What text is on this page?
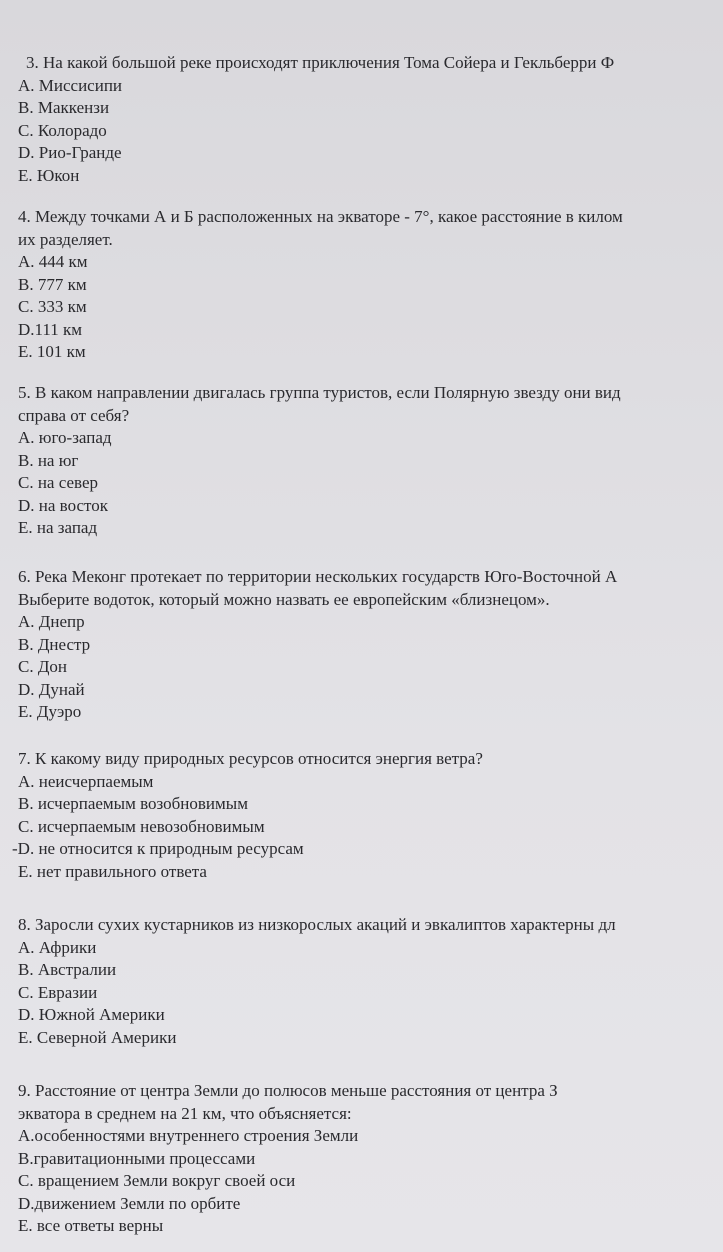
3. На какой большой реке происходят приключения Тома Сойера и Гекльберри Ф
А. Миссисипи
В. Маккензи
С. Колорадо
D. Рио-Гранде
Е. Юкон
4. Между точками А и Б расположенных на экваторе - 7°, какое расстояние в килом
их разделяет.
А. 444 км
В. 777 км
С. 333 км
D.111 км
Е. 101 км
5. В каком направлении двигалась группа туристов, если Полярную звезду они вид
справа от себя?
А. юго-запад
В. на юг
С. на север
D. на восток
Е. на запад
6. Река Меконг протекает по территории нескольких государств Юго-Восточной А
Выберите водоток, который можно назвать ее европейским «близнецом».
А. Днепр
В. Днестр
С. Дон
D. Дунай
Е. Дуэро
7. К какому виду природных ресурсов относится энергия ветра?
А. неисчерпаемым
В. исчерпаемым возобновимым
С. исчерпаемым невозобновимым
-D. не относится к природным ресурсам
Е. нет правильного ответа
8. Заросли сухих кустарников из низкорослых акаций и эвкалиптов характерны дл
А. Африки
В. Австралии
С. Евразии
D. Южной Америки
Е. Северной Америки
9. Расстояние от центра Земли до полюсов меньше расстояния от центра З
экватора в среднем на 21 км, что объясняется:
А.особенностями внутреннего строения Земли
В.гравитационными процессами
С. вращением Земли вокруг своей оси
D.движением Земли по орбите
Е. все ответы верны
